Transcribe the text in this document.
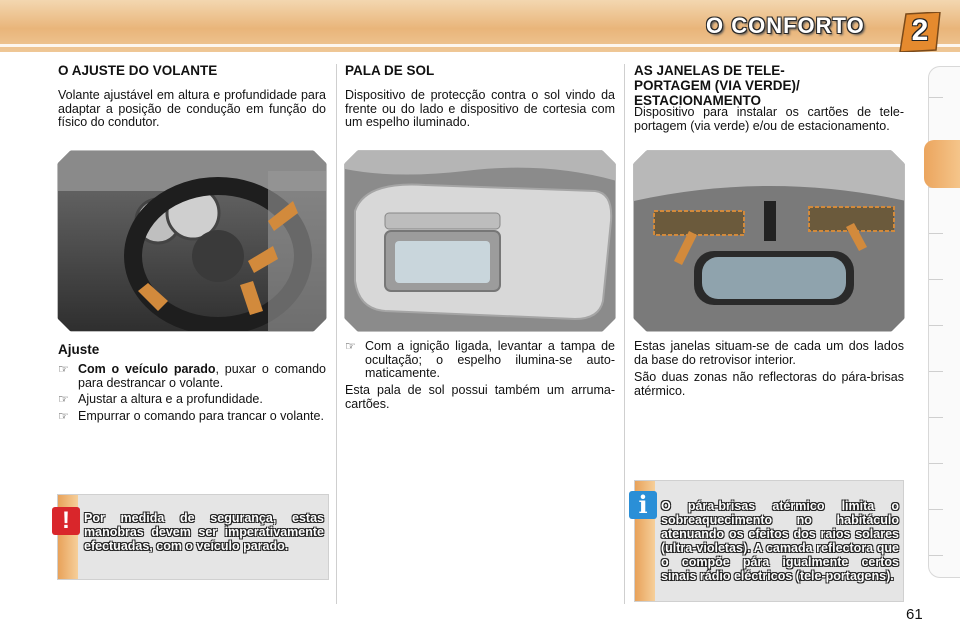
O CONFORTO	2
O AJUSTE DO VOLANTE
Volante ajustável em altura e profundidade para adaptar a posição de condução em função do físico do condutor.
Ajuste
☞ Com o veículo parado, puxar o comando para destrancar o volante.
☞ Ajustar a altura e a profundidade.
☞ Empurrar o comando para trancar o volante.
!	Por medida de segurança, estas manobras devem ser imperativamente efectuadas, com o veículo parado.
PALA DE SOL
Dispositivo de protecção contra o sol vindo da frente ou do lado e dispositivo de cortesia com um espelho iluminado.
☞ Com a ignição ligada, levantar a tampa de ocultação; o espelho ilumina-se auto-maticamente.
Esta pala de sol possui também um arruma-cartões.
AS JANELAS DE TELE-
PORTAGEM (VIA VERDE)/
ESTACIONAMENTO
Dispositivo para instalar os cartões de tele-portagem (via verde) e/ou de estacionamento.
Estas janelas situam-se de cada um dos lados da base do retrovisor interior.
São duas zonas não reflectoras do pára-brisas atérmico.
i	O pára-brisas atérmico limita o sobreaquecimento no habitáculo atenuando os efeitos dos raios solares (ultra-violetas). A camada reflectora que o compõe pára igualmente certos sinais rádio eléctricos (tele-portagens).
61
